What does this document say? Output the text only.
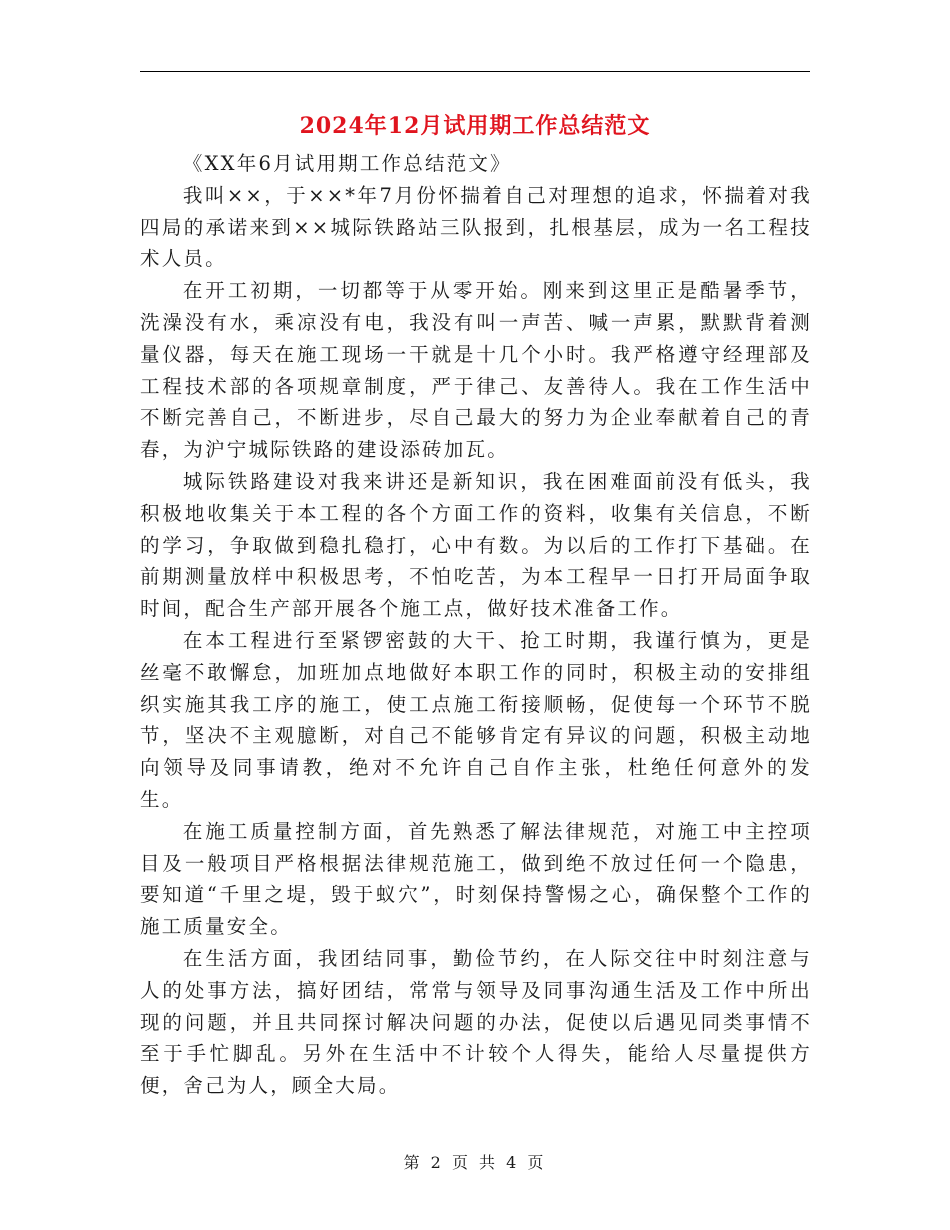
2024年12月试用期工作总结范文

《XX年6月试用期工作总结范文》

我叫××，于××*年7月份怀揣着自己对理想的追求，怀揣着对我四局的承诺来到××城际铁路站三队报到，扎根基层，成为一名工程技术人员。

在开工初期，一切都等于从零开始。刚来到这里正是酷暑季节，洗澡没有水，乘凉没有电，我没有叫一声苦、喊一声累，默默背着测量仪器，每天在施工现场一干就是十几个小时。我严格遵守经理部及工程技术部的各项规章制度，严于律己、友善待人。我在工作生活中不断完善自己，不断进步，尽自己最大的努力为企业奉献着自己的青春，为沪宁城际铁路的建设添砖加瓦。

城际铁路建设对我来讲还是新知识，我在困难面前没有低头，我积极地收集关于本工程的各个方面工作的资料，收集有关信息，不断的学习，争取做到稳扎稳打，心中有数。为以后的工作打下基础。在前期测量放样中积极思考，不怕吃苦，为本工程早一日打开局面争取时间，配合生产部开展各个施工点，做好技术准备工作。

在本工程进行至紧锣密鼓的大干、抢工时期，我谨行慎为，更是丝毫不敢懈怠，加班加点地做好本职工作的同时，积极主动的安排组织实施其我工序的施工，使工点施工衔接顺畅，促使每一个环节不脱节，坚决不主观臆断，对自己不能够肯定有异议的问题，积极主动地向领导及同事请教，绝对不允许自己自作主张，杜绝任何意外的发生。

在施工质量控制方面，首先熟悉了解法律规范，对施工中主控项目及一般项目严格根据法律规范施工，做到绝不放过任何一个隐患，要知道“千里之堤，毁于蚁穴”，时刻保持警惕之心，确保整个工作的施工质量安全。

在生活方面，我团结同事，勤俭节约，在人际交往中时刻注意与人的处事方法，搞好团结，常常与领导及同事沟通生活及工作中所出现的问题，并且共同探讨解决问题的办法，促使以后遇见同类事情不至于手忙脚乱。另外在生活中不计较个人得失，能给人尽量提供方便，舍己为人，顾全大局。

第 2 页 共 4 页
